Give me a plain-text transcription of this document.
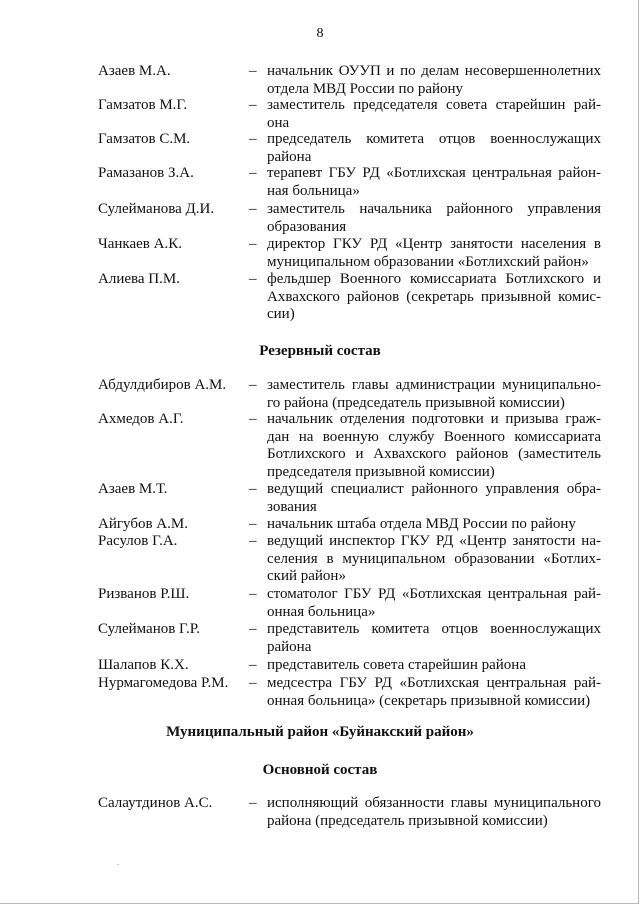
8
Резервный состав
Муниципальный район «Буйнакский район»
Основной состав
Азаев М.А.	– начальник ОУУП и по делам несовершеннолетних
отдела МВД России по району
Гамзатов М.Г.	– заместитель председателя совета старейшин рай-
она
Гамзатов С.М.	– председатель комитета отцов военнослужащих
района
Рамазанов З.А.	– терапевт ГБУ РД «Ботлихская центральная район-
ная больница»
Сулейманова Д.И. – заместитель начальника районного управления
образования
Чанкаев А.К.	– директор ГКУ РД «Центр занятости населения в
муниципальном образовании «Ботлихский район»
Алиева П.М.	– фельдшер Военного комиссариата Ботлихского и
Ахвахского районов (секретарь призывной комис-
сии)
Абдулдибиров А.М. – заместитель главы администрации муниципально-
го района (председатель призывной комиссии)
Ахмедов А.Г.	– начальник отделения подготовки и призыва граж-
дан на военную службу Военного комиссариата
Ботлихского и Ахвахского районов (заместитель
председателя призывной комиссии)
Азаев М.Т.	– ведущий специалист районного управления обра-
зования
Айгубов А.М.	– начальник штаба отдела МВД России по району
Расулов Г.А.	– ведущий инспектор ГКУ РД «Центр занятости на-
селения в муниципальном образовании «Ботлих-
ский район»
Ризванов Р.Ш.	– стоматолог ГБУ РД «Ботлихская центральная рай-
онная больница»
Сулейманов Г.Р.	– представитель комитета отцов военнослужащих
района
Шалапов К.Х.	– представитель совета старейшин района
Нурмагомедова Р.М. – медсестра ГБУ РД «Ботлихская центральная рай-
онная больница» (секретарь призывной комиссии)
Салаутдинов А.С. – исполняющий обязанности главы муниципального
района (председатель призывной комиссии)
.
